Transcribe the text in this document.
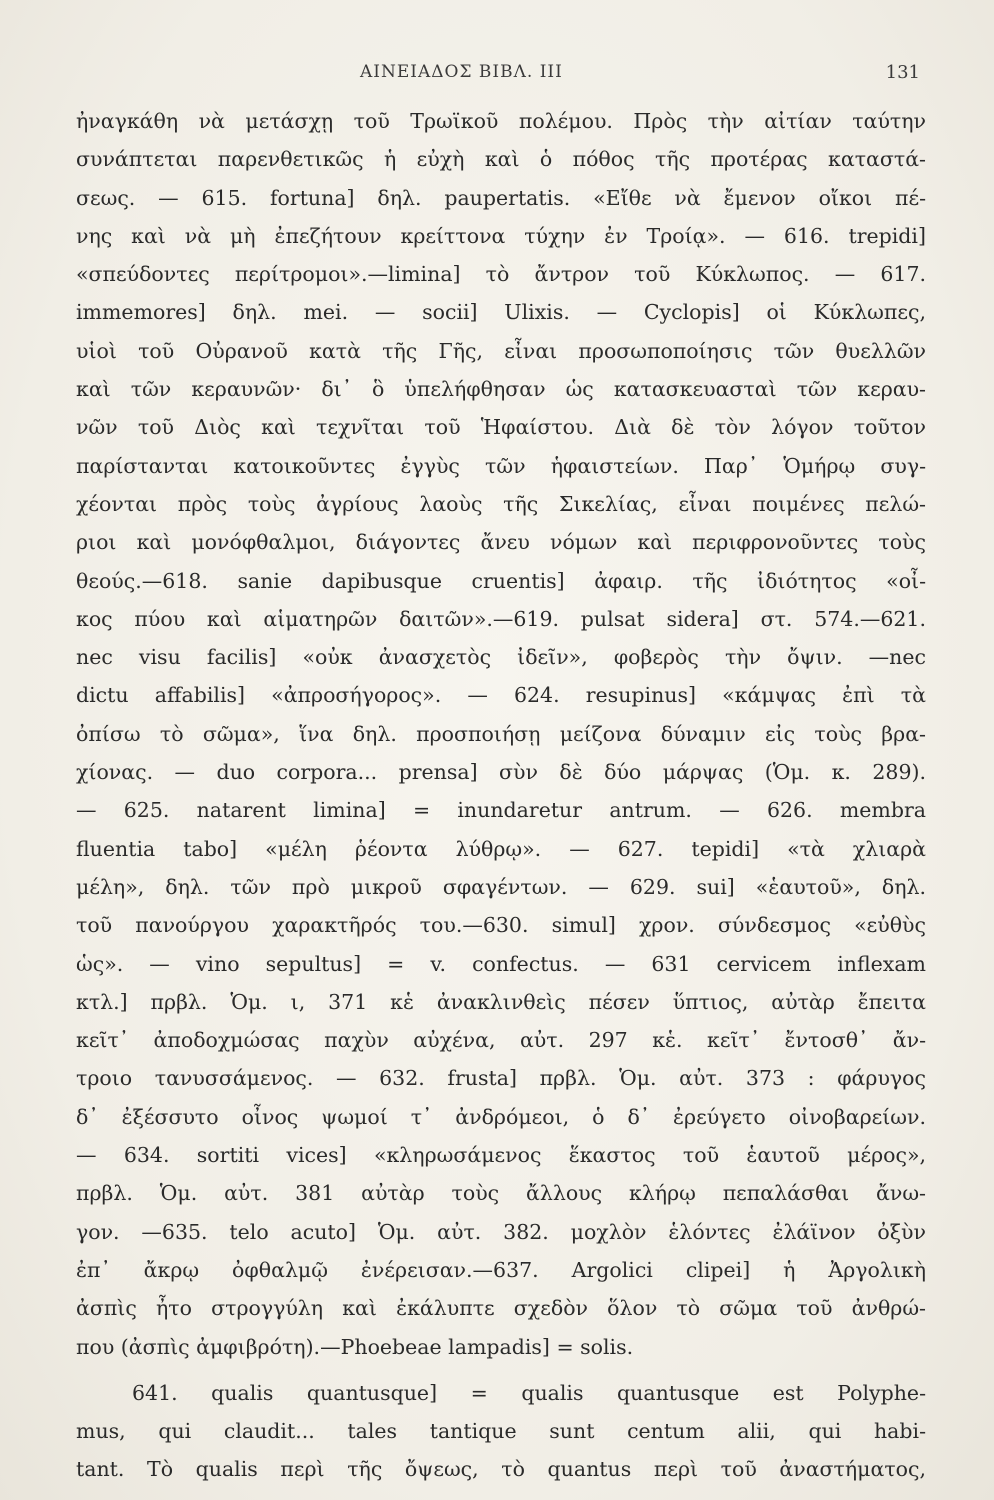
ΑΙΝΕΙΑΔΟΣ ΒΙΒΛ. III	131
ἠναγκάθη νὰ μετάσχῃ τοῦ Τρωϊκοῦ πολέμου. Πρὸς τὴν αἰτίαν ταύτην
συνάπτεται παρενθετικῶς ἡ εὐχὴ καὶ ὁ πόθος τῆς προτέρας καταστά-
σεως. — 615. fortuna] δηλ. paupertatis. «Εἴθε νὰ ἔμενον οἴκοι πέ-
νης καὶ νὰ μὴ ἐπεζήτουν κρείττονα τύχην ἐν Τροίᾳ». — 616. trepidi]
«σπεύδοντες περίτρομοι».—limina] τὸ ἄντρον τοῦ Κύκλωπος. — 617.
immemores] δηλ. mei. — socii] Ulixis. — Cyclopis] οἱ Κύκλωπες,
υἱοὶ τοῦ Οὐρανοῦ κατὰ τῆς Γῆς, εἶναι προσωποποίησις τῶν θυελλῶν
καὶ τῶν κεραυνῶν· δι᾽ ὃ ὑπελήφθησαν ὡς κατασκευασταὶ τῶν κεραυ-
νῶν τοῦ Διὸς καὶ τεχνῖται τοῦ Ἡφαίστου. Διὰ δὲ τὸν λόγον τοῦτον
παρίστανται κατοικοῦντες ἐγγὺς τῶν ἡφαιστείων. Παρ᾽ Ὁμήρῳ συγ-
χέονται πρὸς τοὺς ἀγρίους λαοὺς τῆς Σικελίας, εἶναι ποιμένες πελώ-
ριοι καὶ μονόφθαλμοι, διάγοντες ἄνευ νόμων καὶ περιφρονοῦντες τοὺς
θεούς.—618. sanie dapibusque cruentis] ἀφαιρ. τῆς ἰδιότητος «οἶ-
κος πύου καὶ αἱματηρῶν δαιτῶν».—619. pulsat sidera] στ. 574.—621.
nec visu facilis] «οὐκ ἀνασχετὸς ἰδεῖν», φοβερὸς τὴν ὄψιν. —nec
dictu affabilis] «ἀπροσήγορος». — 624. resupinus] «κάμψας ἐπὶ τὰ
ὀπίσω τὸ σῶμα», ἵνα δηλ. προσποιήσῃ μείζονα δύναμιν εἰς τοὺς βρα-
χίονας. — duo corpora... prensa] σὺν δὲ δύο μάρψας (Ὁμ. κ. 289).
— 625. natarent limina] = inundaretur antrum. — 626. membra
fluentia tabo] «μέλη ῥέοντα λύθρῳ». — 627. tepidi] «τὰ χλιαρὰ
μέλη», δηλ. τῶν πρὸ μικροῦ σφαγέντων. — 629. sui] «ἑαυτοῦ», δηλ.
τοῦ πανούργου χαρακτῆρός του.—630. simul] χρον. σύνδεσμος «εὐθὺς
ὡς». — vino sepultus] = v. confectus. — 631 cervicem inflexam
κτλ.] πρβλ. Ὁμ. ι, 371 κἑ ἀνακλινθεὶς πέσεν ὕπτιος, αὐτὰρ ἔπειτα
κεῖτ᾽ ἀποδοχμώσας παχὺν αὐχένα, αὐτ. 297 κἑ. κεῖτ᾽ ἔντοσθ᾽ ἄν-
τροιο τανυσσάμενος. — 632. frusta] πρβλ. Ὁμ. αὐτ. 373 : φάρυγος
δ᾽ ἐξέσσυτο οἶνος ψωμοί τ᾽ ἀνδρόμεοι, ὁ δ᾽ ἐρεύγετο οἰνοβαρείων.
— 634. sortiti vices] «κληρωσάμενος ἕκαστος τοῦ ἑαυτοῦ μέρος»,
πρβλ. Ὁμ. αὐτ. 381 αὐτὰρ τοὺς ἄλλους κλήρῳ πεπαλάσθαι ἄνω-
γον. —635. telo acuto] Ὁμ. αὐτ. 382. μοχλὸν ἑλόντες ἐλάϊνον ὀξὺν
ἐπ᾽ ἄκρῳ ὀφθαλμῷ ἐνέρεισαν.—637. Argolici clipei] ἡ Ἀργολικὴ
ἀσπὶς ἦτο στρογγύλη καὶ ἐκάλυπτε σχεδὸν ὅλον τὸ σῶμα τοῦ ἀνθρώ-
που (ἀσπὶς ἀμφιβρότη).—Phoebeae lampadis] = solis.
641. qualis quantusque] = qualis quantusque est Polyphe-
mus, qui claudit... tales tantique sunt centum alii, qui habi-
tant. Τὸ qualis περὶ τῆς ὄψεως, τὸ quantus περὶ τοῦ ἀναστήματος,
